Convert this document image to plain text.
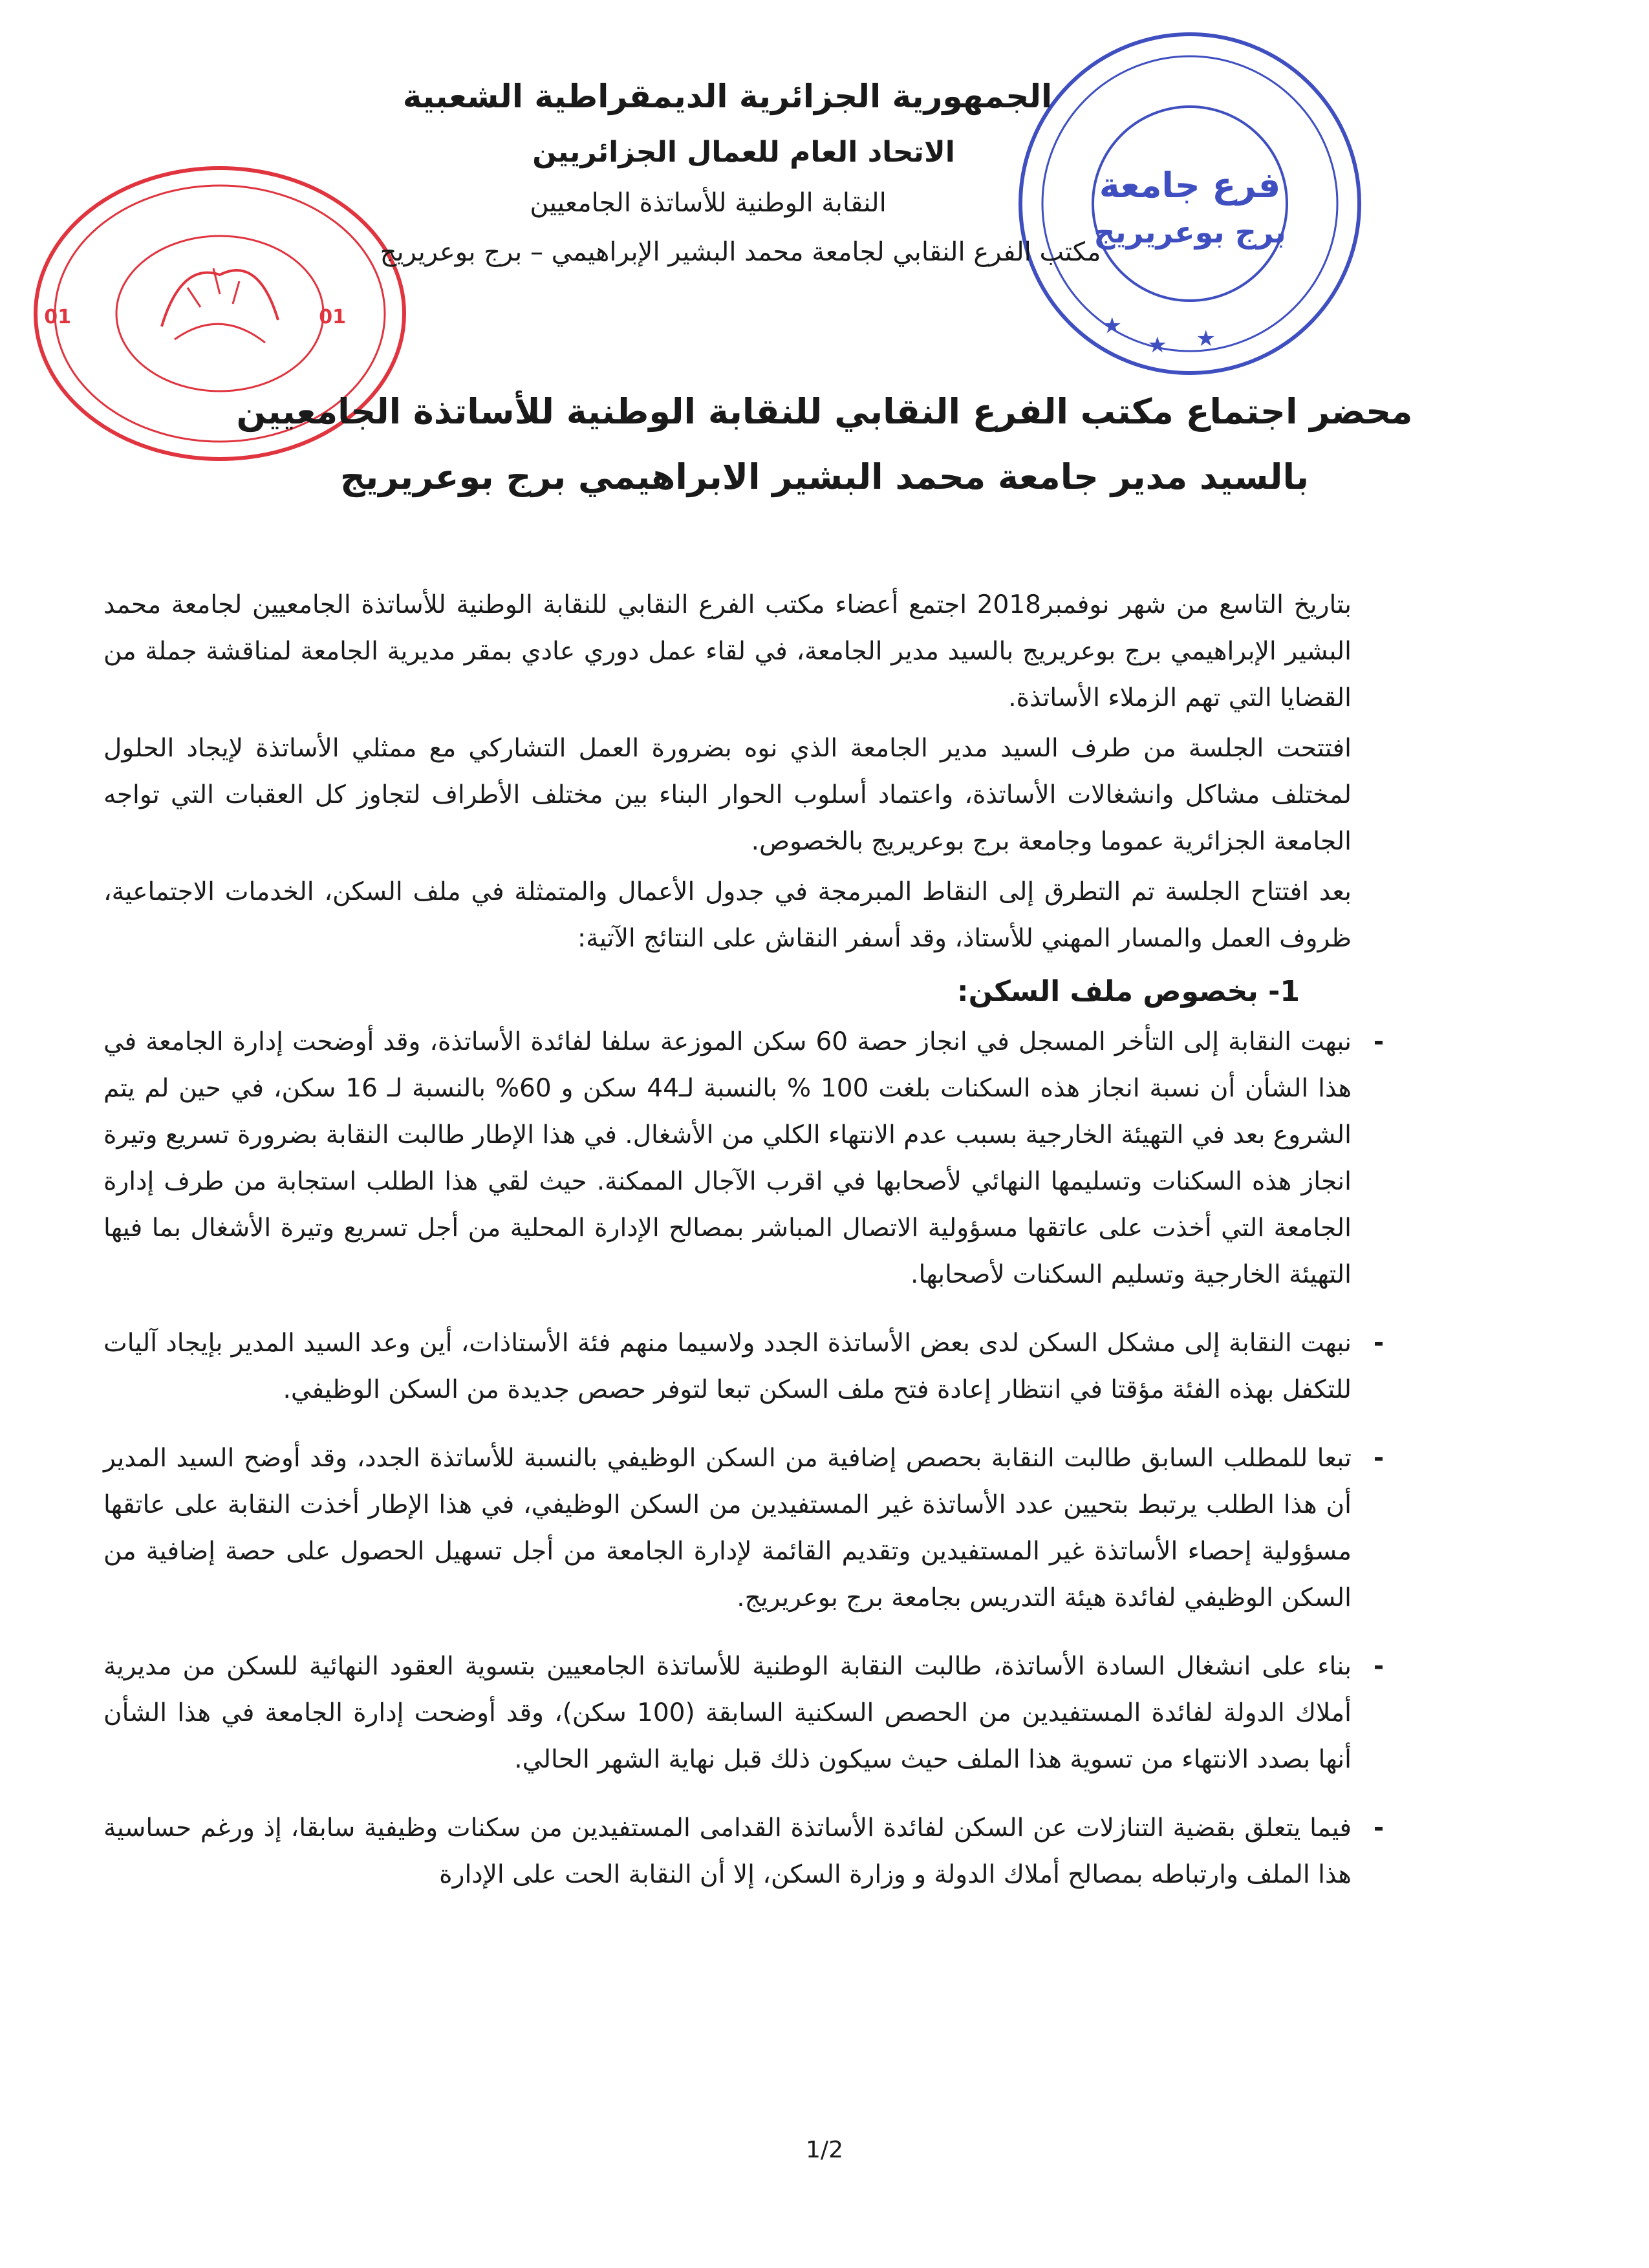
01	01
فرع جامعة
برج بوعريريج
★
★ ★
الجمهورية الجزائرية الديمقراطية الشعبية
الاتحاد العام للعمال الجزائريين
النقابة الوطنية للأساتذة الجامعيين
مكتب الفرع النقابي لجامعة محمد البشير الإبراهيمي – برج بوعريريج
محضر اجتماع مكتب الفرع النقابي للنقابة الوطنية للأساتذة الجامعيين
بالسيد مدير جامعة محمد البشير الابراهيمي برج بوعريريج

بتاريخ التاسع من شهر نوفمبر2018 اجتمع أعضاء مكتب الفرع النقابي للنقابة الوطنية للأساتذة الجامعيين لجامعة محمد البشير الإبراهيمي برج بوعريريج بالسيد مدير الجامعة، في لقاء عمل دوري عادي بمقر مديرية الجامعة لمناقشة جملة من القضايا التي تهم الزملاء الأساتذة.

افتتحت الجلسة من طرف السيد مدير الجامعة الذي نوه بضرورة العمل التشاركي مع ممثلي الأساتذة لإيجاد الحلول لمختلف مشاكل وانشغالات الأساتذة، واعتماد أسلوب الحوار البناء بين مختلف الأطراف لتجاوز كل العقبات التي تواجه الجامعة الجزائرية عموما وجامعة برج بوعريريج بالخصوص.

بعد افتتاح الجلسة تم التطرق إلى النقاط المبرمجة في جدول الأعمال والمتمثلة في ملف السكن، الخدمات الاجتماعية، ظروف العمل والمسار المهني للأستاذ، وقد أسفر النقاش على النتائج الآتية:

1- بخصوص ملف السكن:
- نبهت النقابة إلى التأخر المسجل في انجاز حصة 60 سكن الموزعة سلفا لفائدة الأساتذة، وقد أوضحت إدارة الجامعة في هذا الشأن أن نسبة انجاز هذه السكنات بلغت 100 % بالنسبة لـ44 سكن و 60% بالنسبة لـ 16 سكن، في حين لم يتم الشروع بعد في التهيئة الخارجية بسبب عدم الانتهاء الكلي من الأشغال. في هذا الإطار طالبت النقابة بضرورة تسريع وتيرة انجاز هذه السكنات وتسليمها النهائي لأصحابها في اقرب الآجال الممكنة. حيث لقي هذا الطلب استجابة من طرف إدارة الجامعة التي أخذت على عاتقها مسؤولية الاتصال المباشر بمصالح الإدارة المحلية من أجل تسريع وتيرة الأشغال بما فيها التهيئة الخارجية وتسليم السكنات لأصحابها.
- نبهت النقابة إلى مشكل السكن لدى بعض الأساتذة الجدد ولاسيما منهم فئة الأستاذات، أين وعد السيد المدير بإيجاد آليات للتكفل بهذه الفئة مؤقتا في انتظار إعادة فتح ملف السكن تبعا لتوفر حصص جديدة من السكن الوظيفي.
- تبعا للمطلب السابق طالبت النقابة بحصص إضافية من السكن الوظيفي بالنسبة للأساتذة الجدد، وقد أوضح السيد المدير أن هذا الطلب يرتبط بتحيين عدد الأساتذة غير المستفيدين من السكن الوظيفي، في هذا الإطار أخذت النقابة على عاتقها مسؤولية إحصاء الأساتذة غير المستفيدين وتقديم القائمة لإدارة الجامعة من أجل تسهيل الحصول على حصة إضافية من السكن الوظيفي لفائدة هيئة التدريس بجامعة برج بوعريريج.
- بناء على انشغال السادة الأساتذة، طالبت النقابة الوطنية للأساتذة الجامعيين بتسوية العقود النهائية للسكن من مديرية أملاك الدولة لفائدة المستفيدين من الحصص السكنية السابقة (100 سكن)، وقد أوضحت إدارة الجامعة في هذا الشأن أنها بصدد الانتهاء من تسوية هذا الملف حيث سيكون ذلك قبل نهاية الشهر الحالي.
- فيما يتعلق بقضية التنازلات عن السكن لفائدة الأساتذة القدامى المستفيدين من سكنات وظيفية سابقا، إذ ورغم حساسية هذا الملف وارتباطه بمصالح أملاك الدولة و وزارة السكن، إلا أن النقابة الحت على الإدارة
1/2
